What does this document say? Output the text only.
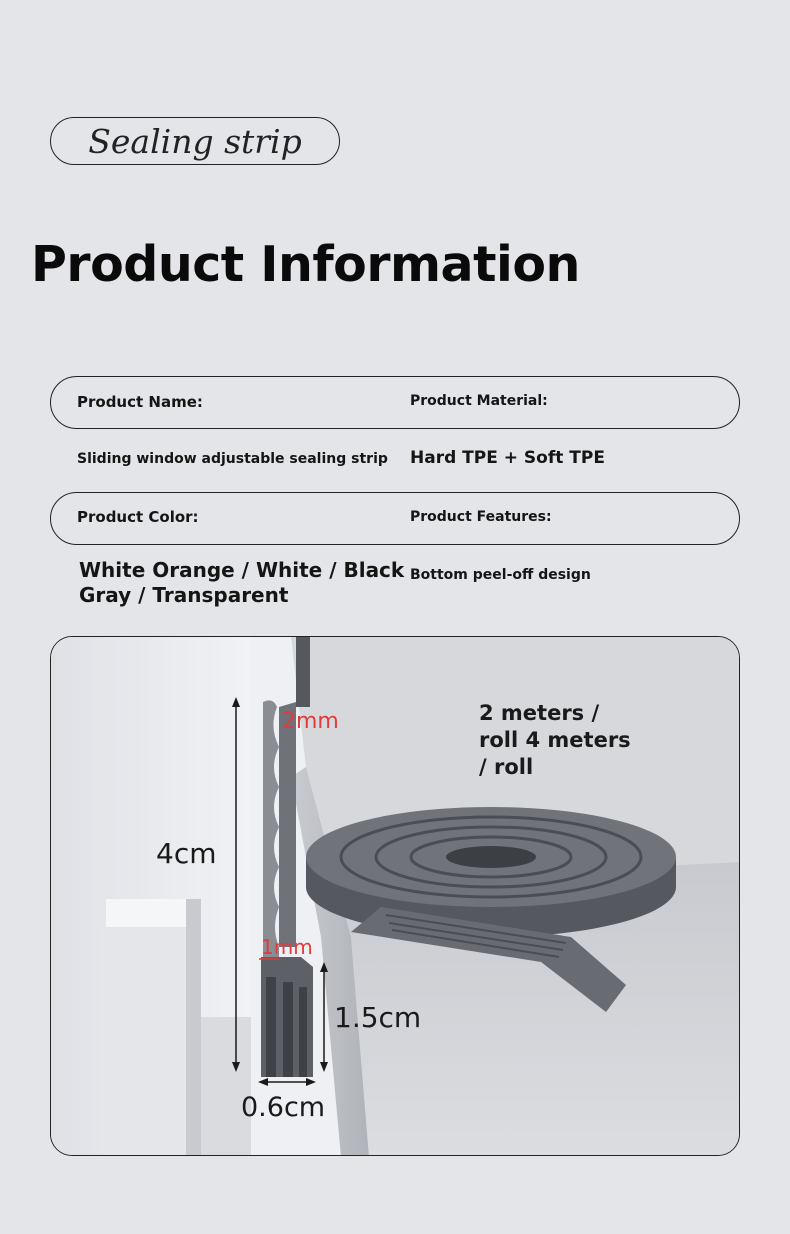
Sealing strip
Product Information
Product Name:	Product Material:
Sliding window adjustable sealing strip Hard TPE + Soft TPE
Product Color:	Product Features:
White Orange / White / Black
Gray / Transparent
Bottom peel-off design
2mm
4cm
1mm
1.5cm
0.6cm
2 meters /
roll 4 meters
/ roll
